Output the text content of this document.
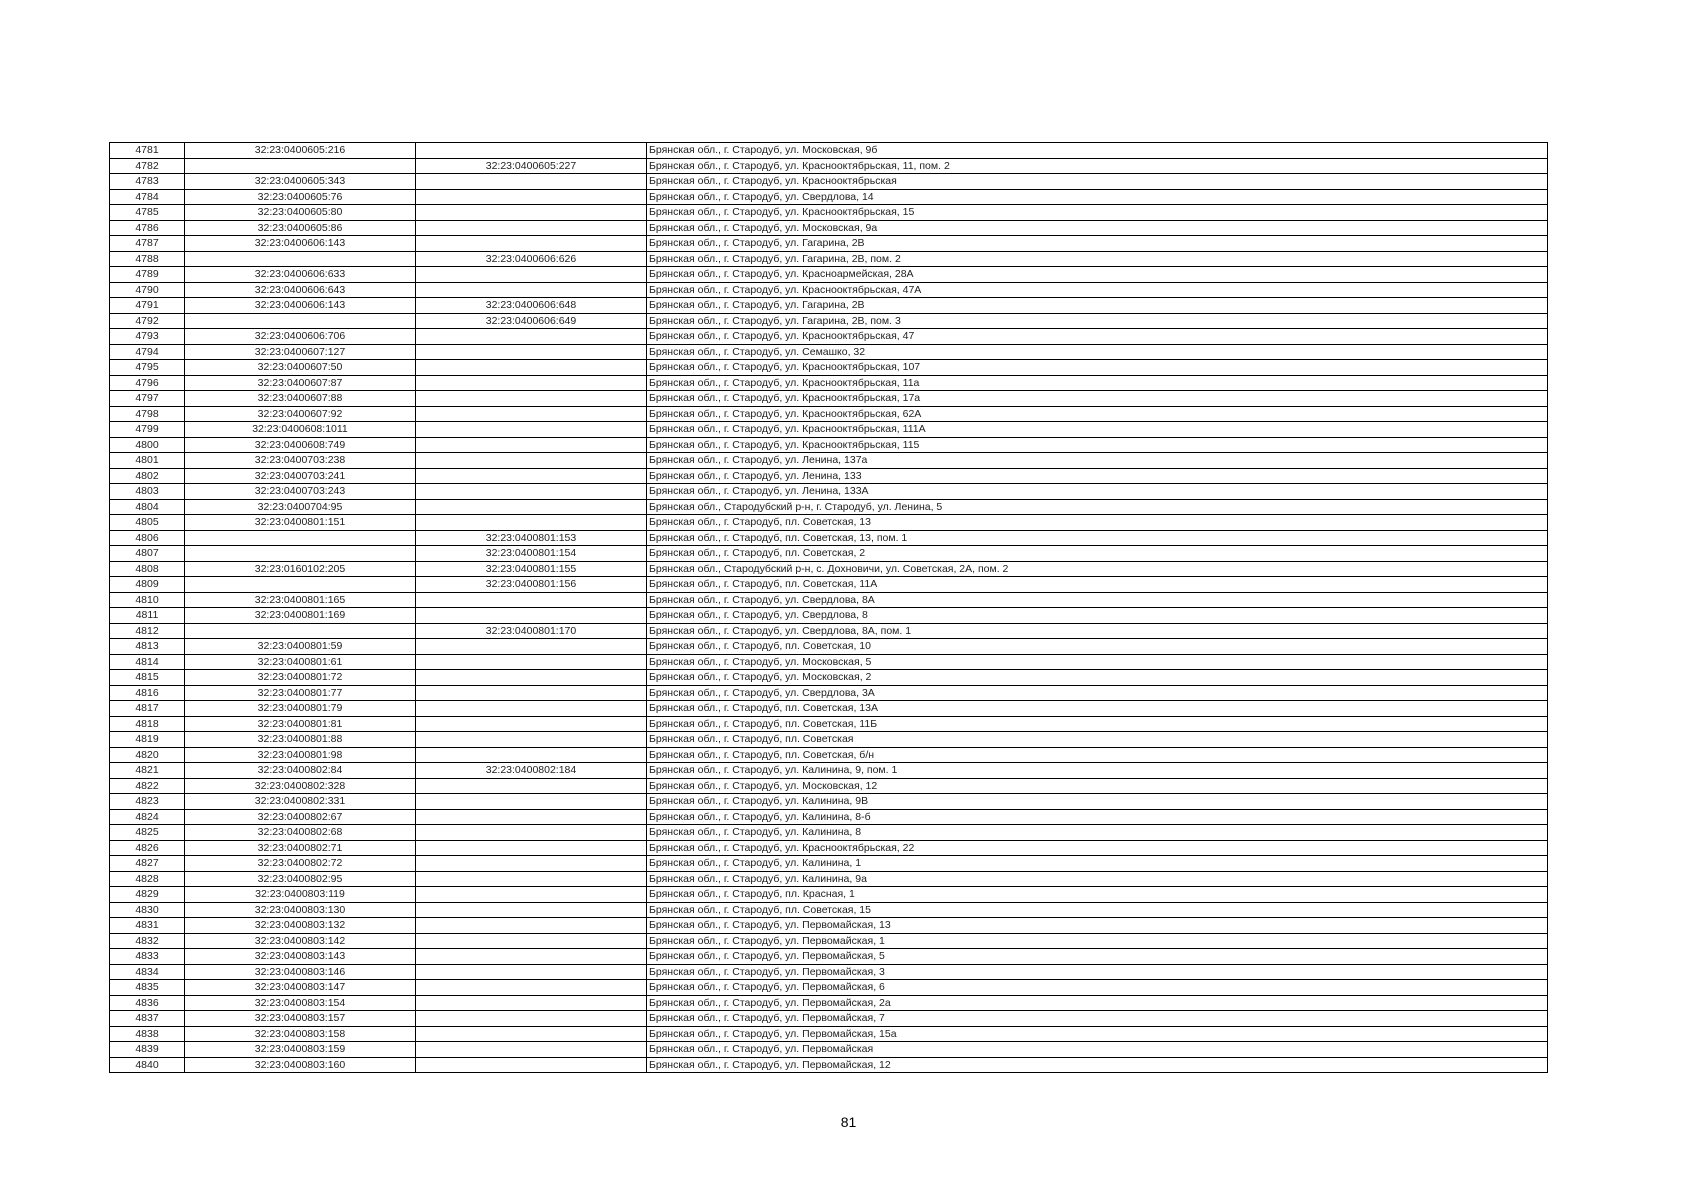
4781	32:23:0400605:216		Брянская обл., г. Стародуб, ул. Московская, 9б
4782		32:23:0400605:227	Брянская обл., г. Стародуб, ул. Краснооктябрьская, 11, пом. 2
4783	32:23:0400605:343		Брянская обл., г. Стародуб, ул. Краснооктябрьская
4784	32:23:0400605:76		Брянская обл., г. Стародуб, ул. Свердлова, 14
4785	32:23:0400605:80		Брянская обл., г. Стародуб, ул. Краснооктябрьская, 15
4786	32:23:0400605:86		Брянская обл., г. Стародуб, ул. Московская, 9а
4787	32:23:0400606:143		Брянская обл., г. Стародуб, ул. Гагарина, 2В
4788		32:23:0400606:626	Брянская обл., г. Стародуб, ул. Гагарина, 2В, пом. 2
4789	32:23:0400606:633		Брянская обл., г. Стародуб, ул. Красноармейская, 28А
4790	32:23:0400606:643		Брянская обл., г. Стародуб, ул. Краснооктябрьская, 47А
4791	32:23:0400606:143	32:23:0400606:648	Брянская обл., г. Стародуб, ул. Гагарина, 2В
4792		32:23:0400606:649	Брянская обл., г. Стародуб, ул. Гагарина, 2В, пом. 3
4793	32:23:0400606:706		Брянская обл., г. Стародуб, ул. Краснооктябрьская, 47
4794	32:23:0400607:127		Брянская обл., г. Стародуб, ул. Семашко, 32
4795	32:23:0400607:50		Брянская обл., г. Стародуб, ул. Краснооктябрьская, 107
4796	32:23:0400607:87		Брянская обл., г. Стародуб, ул. Краснооктябрьская, 11а
4797	32:23:0400607:88		Брянская обл., г. Стародуб, ул. Краснооктябрьская, 17а
4798	32:23:0400607:92		Брянская обл., г. Стародуб, ул. Краснооктябрьская, 62А
4799	32:23:0400608:1011		Брянская обл., г. Стародуб, ул. Краснооктябрьская, 111А
4800	32:23:0400608:749		Брянская обл., г. Стародуб, ул. Краснооктябрьская, 115
4801	32:23:0400703:238		Брянская обл., г. Стародуб, ул. Ленина, 137а
4802	32:23:0400703:241		Брянская обл., г. Стародуб, ул. Ленина, 133
4803	32:23:0400703:243		Брянская обл., г. Стародуб, ул. Ленина, 133А
4804	32:23:0400704:95		Брянская обл., Стародубский р-н, г. Стародуб, ул. Ленина, 5
4805	32:23:0400801:151		Брянская обл., г. Стародуб, пл. Советская, 13
4806		32:23:0400801:153	Брянская обл., г. Стародуб, пл. Советская, 13, пом. 1
4807		32:23:0400801:154	Брянская обл., г. Стародуб, пл. Советская, 2
4808	32:23:0160102:205	32:23:0400801:155	Брянская обл., Стародубский р-н, с. Дохновичи, ул. Советская, 2А, пом. 2
4809		32:23:0400801:156	Брянская обл., г. Стародуб, пл. Советская, 11А
4810	32:23:0400801:165		Брянская обл., г. Стародуб, ул. Свердлова, 8А
4811	32:23:0400801:169		Брянская обл., г. Стародуб, ул. Свердлова, 8
4812		32:23:0400801:170	Брянская обл., г. Стародуб, ул. Свердлова, 8А, пом. 1
4813	32:23:0400801:59		Брянская обл., г. Стародуб, пл. Советская, 10
4814	32:23:0400801:61		Брянская обл., г. Стародуб, ул. Московская, 5
4815	32:23:0400801:72		Брянская обл., г. Стародуб, ул. Московская, 2
4816	32:23:0400801:77		Брянская обл., г. Стародуб, ул. Свердлова, 3А
4817	32:23:0400801:79		Брянская обл., г. Стародуб, пл. Советская, 13А
4818	32:23:0400801:81		Брянская обл., г. Стародуб, пл. Советская, 11Б
4819	32:23:0400801:88		Брянская обл., г. Стародуб, пл. Советская
4820	32:23:0400801:98		Брянская обл., г. Стародуб, пл. Советская, б/н
4821	32:23:0400802:84	32:23:0400802:184	Брянская обл., г. Стародуб, ул. Калинина, 9, пом. 1
4822	32:23:0400802:328		Брянская обл., г. Стародуб, ул. Московская, 12
4823	32:23:0400802:331		Брянская обл., г. Стародуб, ул. Калинина, 9В
4824	32:23:0400802:67		Брянская обл., г. Стародуб, ул. Калинина, 8-б
4825	32:23:0400802:68		Брянская обл., г. Стародуб, ул. Калинина, 8
4826	32:23:0400802:71		Брянская обл., г. Стародуб, ул. Краснооктябрьская, 22
4827	32:23:0400802:72		Брянская обл., г. Стародуб, ул. Калинина, 1
4828	32:23:0400802:95		Брянская обл., г. Стародуб, ул. Калинина, 9а
4829	32:23:0400803:119		Брянская обл., г. Стародуб, пл. Красная, 1
4830	32:23:0400803:130		Брянская обл., г. Стародуб, пл. Советская, 15
4831	32:23:0400803:132		Брянская обл., г. Стародуб, ул. Первомайская, 13
4832	32:23:0400803:142		Брянская обл., г. Стародуб, ул. Первомайская, 1
4833	32:23:0400803:143		Брянская обл., г. Стародуб, ул. Первомайская, 5
4834	32:23:0400803:146		Брянская обл., г. Стародуб, ул. Первомайская, 3
4835	32:23:0400803:147		Брянская обл., г. Стародуб, ул. Первомайская, 6
4836	32:23:0400803:154		Брянская обл., г. Стародуб, ул. Первомайская, 2а
4837	32:23:0400803:157		Брянская обл., г. Стародуб, ул. Первомайская, 7
4838	32:23:0400803:158		Брянская обл., г. Стародуб, ул. Первомайская, 15а
4839	32:23:0400803:159		Брянская обл., г. Стародуб, ул. Первомайская
4840	32:23:0400803:160		Брянская обл., г. Стародуб, ул. Первомайская, 12
81
